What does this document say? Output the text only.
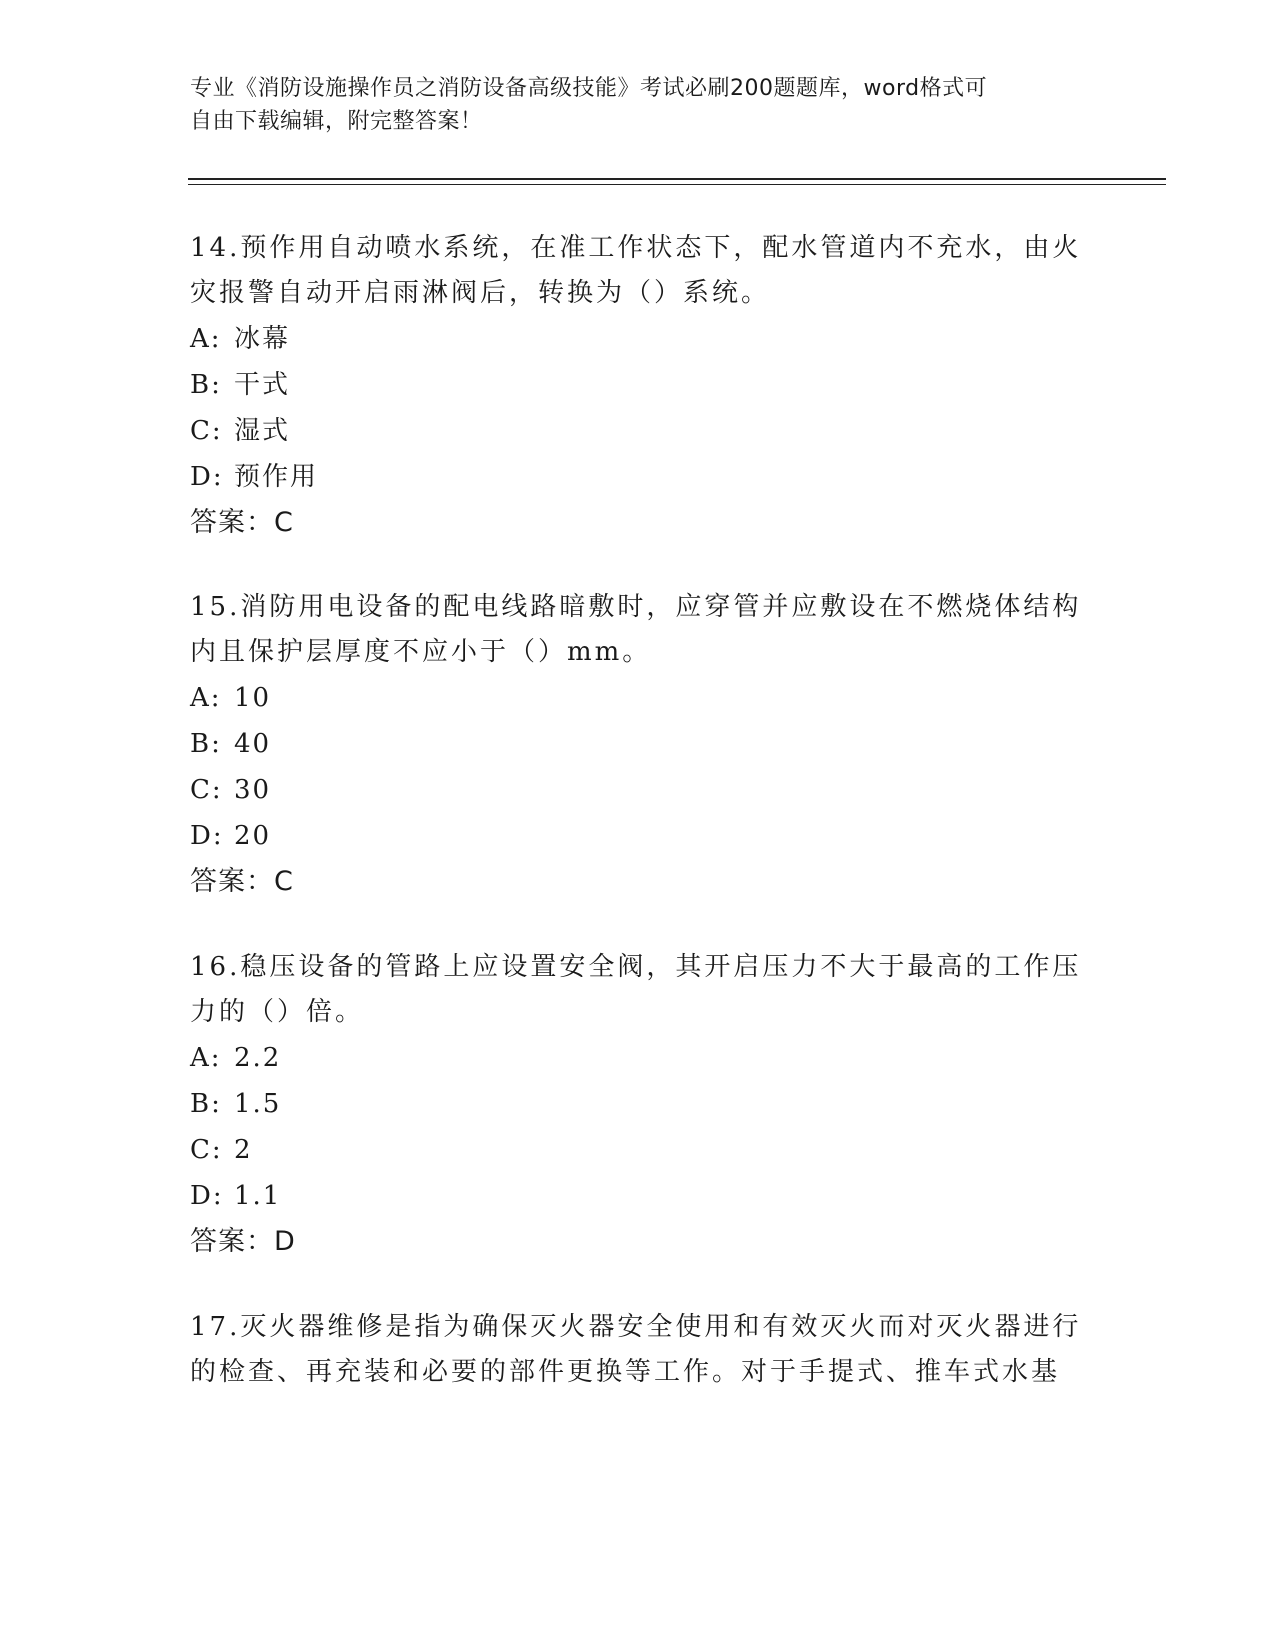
专业《消防设施操作员之消防设备高级技能》考试必刷200题题库，word格式可
自由下载编辑，附完整答案！

14.预作用自动喷水系统，在准工作状态下，配水管道内不充水，由火

灾报警自动开启雨淋阀后，转换为（）系统。

A: 冰幕

B: 干式

C: 湿式

D: 预作用

答案：C

15.消防用电设备的配电线路暗敷时，应穿管并应敷设在不燃烧体结构

内且保护层厚度不应小于（）mm。

A: 10

B: 40

C: 30

D: 20

答案：C

16.稳压设备的管路上应设置安全阀，其开启压力不大于最高的工作压

力的（）倍。

A: 2.2

B: 1.5

C: 2

D: 1.1

答案：D

17.灭火器维修是指为确保灭火器安全使用和有效灭火而对灭火器进行

的检查、再充装和必要的部件更换等工作。对于手提式、推车式水基
